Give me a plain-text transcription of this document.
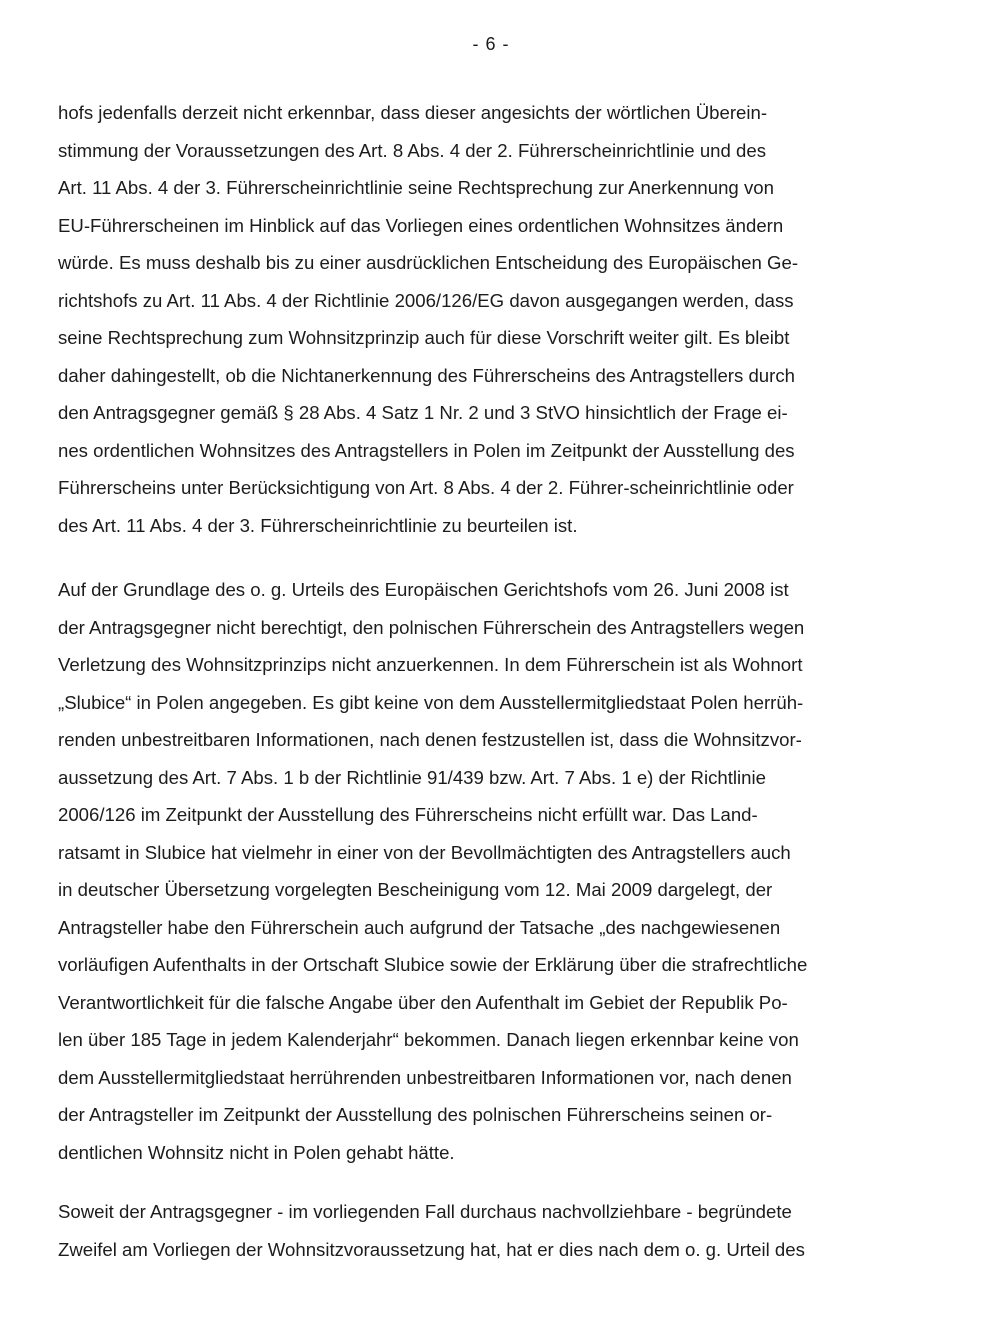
- 6 -
hofs jedenfalls derzeit nicht erkennbar, dass dieser angesichts der wörtlichen Überein-
stimmung der Voraussetzungen des Art. 8 Abs. 4 der 2. Führerscheinrichtlinie und des
Art. 11 Abs. 4 der 3. Führerscheinrichtlinie seine Rechtsprechung zur Anerkennung von
EU-Führerscheinen im Hinblick auf das Vorliegen eines ordentlichen Wohnsitzes ändern
würde. Es muss deshalb bis zu einer ausdrücklichen Entscheidung des Europäischen Ge-
richtshofs zu Art. 11 Abs. 4 der Richtlinie 2006/126/EG davon ausgegangen werden, dass
seine Rechtsprechung zum Wohnsitzprinzip auch für diese Vorschrift weiter gilt. Es bleibt
daher dahingestellt, ob die Nichtanerkennung des Führerscheins des Antragstellers durch
den Antragsgegner gemäß § 28 Abs. 4 Satz 1 Nr. 2 und 3 StVO hinsichtlich der Frage ei-
nes ordentlichen Wohnsitzes des Antragstellers in Polen im Zeitpunkt der Ausstellung des
Führerscheins unter Berücksichtigung von Art. 8 Abs. 4 der 2. Führer-scheinrichtlinie oder
des Art. 11 Abs. 4 der 3. Führerscheinrichtlinie zu beurteilen ist.
Auf der Grundlage des o. g. Urteils des Europäischen Gerichtshofs vom 26. Juni 2008 ist
der Antragsgegner nicht berechtigt, den polnischen Führerschein des Antragstellers wegen
Verletzung des Wohnsitzprinzips nicht anzuerkennen. In dem Führerschein ist als Wohnort
„Slubice“ in Polen angegeben. Es gibt keine von dem Ausstellermitgliedstaat Polen herrüh-
renden unbestreitbaren Informationen, nach denen festzustellen ist, dass die Wohnsitzvor-
aussetzung des Art. 7 Abs. 1 b der Richtlinie 91/439 bzw. Art. 7 Abs. 1 e) der Richtlinie
2006/126 im Zeitpunkt der Ausstellung des Führerscheins nicht erfüllt war. Das Land-
ratsamt in Slubice hat vielmehr in einer von der Bevollmächtigten des Antragstellers auch
in deutscher Übersetzung vorgelegten Bescheinigung vom 12. Mai 2009 dargelegt, der
Antragsteller habe den Führerschein auch aufgrund der Tatsache „des nachgewiesenen
vorläufigen Aufenthalts in der Ortschaft Slubice sowie der Erklärung über die strafrechtliche
Verantwortlichkeit für die falsche Angabe über den Aufenthalt im Gebiet der Republik Po-
len über 185 Tage in jedem Kalenderjahr“ bekommen. Danach liegen erkennbar keine von
dem Ausstellermitgliedstaat herrührenden unbestreitbaren Informationen vor, nach denen
der Antragsteller im Zeitpunkt der Ausstellung des polnischen Führerscheins seinen or-
dentlichen Wohnsitz nicht in Polen gehabt hätte.
Soweit der Antragsgegner - im vorliegenden Fall durchaus nachvollziehbare - begründete
Zweifel am Vorliegen der Wohnsitzvoraussetzung hat, hat er dies nach dem o. g. Urteil des
